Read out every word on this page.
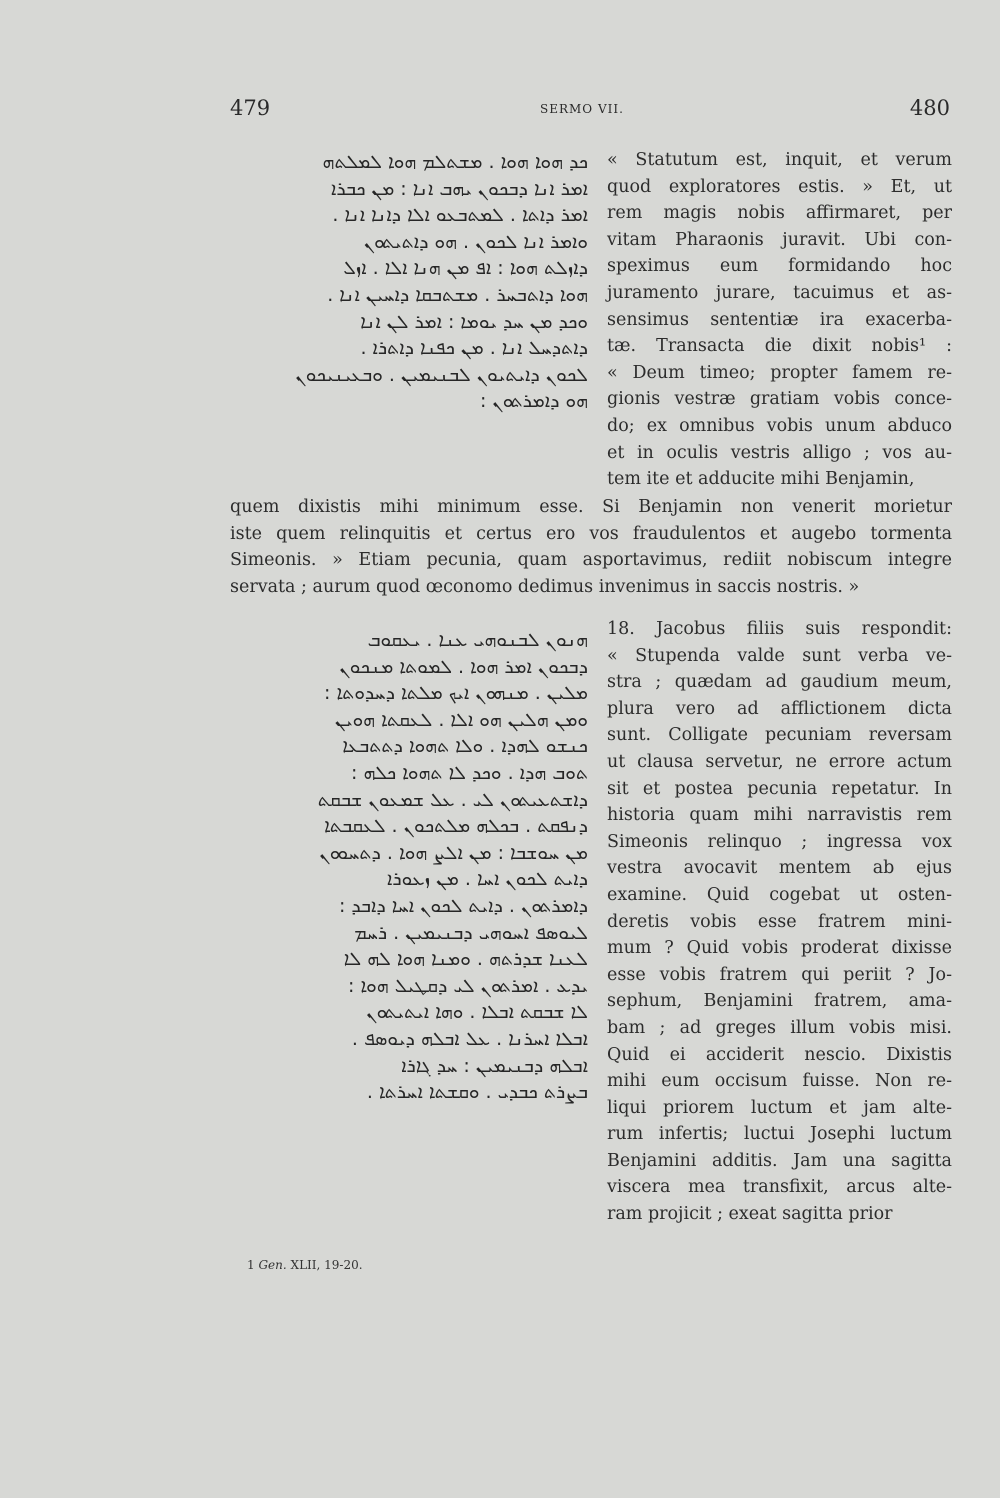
479	SERMO VII.	480
ܟܕ ܗܘܐ ܗܘܐ . ܡܫܬܠܡ ܗܘܐ ܠܡܠܬܗ
ܐܡܪ ܐܢܐ ܕܒܟܘܢ ܝܗܒ ܐܢܐ : ܡܢ ܟܒܪܐ
ܐܡܪ ܕܐܬܐ . ܠܡܬܒܥܘ ܐܠܐ ܕܐܢܐ ܐܢܐ .
ܘܐܡܪ ܐܢܐ ܠܟܘܢ . ܗܘ ܕܐܬܝܬܘܢ
ܕܐܙܠܬ ܗܘܐ : ܐܦ ܡܢ ܗܢܐ ܐܠܐ . ܐܙܠ
ܗܘܐ ܕܐܬܒܚܪ . ܡܫܬܒܩܐ ܕܐܚܝܢ ܐܢܐ .
ܘܟܕ ܡܢ ܚܕ ܝܘܡܐ : ܐܡܪ ܠܢ ܐܢܐ
ܕܐܬܕܚܠ ܐܢܐ . ܡܢ ܟܦܢܐ ܕܐܬܪܐ .
ܠܟܘܢ ܕܐܝܬܝܘܢ ܠܒܢܝܡܝܢ . ܘܒܥܝܢܝܟܘܢ
ܗܘ ܕܐܡܪܬܘܢ :
« Statutum est, inquit, et verum
quod exploratores estis. » Et, ut
rem magis nobis affirmaret, per
vitam Pharaonis juravit. Ubi con-
speximus eum formidando hoc
juramento jurare, tacuimus et as-
sensimus sententiæ ira exacerba-
tæ. Transacta die dixit nobis¹ :
« Deum timeo; propter famem re-
gionis vestræ gratiam vobis conce-
do; ex omnibus vobis unum abduco
et in oculis vestris alligo ; vos au-
tem ite et adducite mihi Benjamin,
quem dixistis mihi minimum esse. Si Benjamin non venerit morietur
iste quem relinquitis et certus ero vos fraudulentos et augebo tormenta
Simeonis. » Etiam pecunia, quam asportavimus, rediit nobiscum integre
servata ; aurum quod œconomo dedimus invenimus in saccis nostris. »
ܗܢܘܢ ܠܒܢܘܗܝ ܥܢܐ . ܝܥܩܘܒ
ܕܒܟܘܢ ܐܡܪ ܗܘܐ . ܠܡܘܬܐ ܡܢܟܘܢ
ܡܠܝܢ . ܡܢܗܘܢ ܐܝܟ ܡܠܬܐ ܕܚܕܘܬܐ :
ܘܡܢ ܗܠܝܢ ܗܘ ܐܠܐ . ܠܥܩܬܐ ܗܘܝܢ
ܟܢܫܘ ܠܗܕܐ . ܘܠܐ ܬܗܘܐ ܕܬܬܒܥܐ
ܬܘܒ ܗܕܐ . ܘܟܕ ܠܐ ܬܗܘܐ ܟܠܗ :
ܕܐܫܬܥܝܬܘܢ ܠܝ . ܥܠ ܫܡܥܘܢ ܫܒܩܬ
ܕܢܦܩܬ . ܒܟܠܗ ܡܠܬܟܘܢ . ܠܥܩܒܬܐ
ܡܢ ܚܘܫܒܐ : ܡܢ ܐܠܨ ܗܘܐ . ܕܬܚܘܘܢ
ܕܐܝܬ ܠܟܘܢ ܐܚܐ . ܡܢ ܙܥܘܪܐ
ܕܐܡܪܬܘܢ . ܕܐܝܬ ܠܟܘܢ ܐܚܐ ܕܐܒܕ :
ܠܝܘܣܦ ܐܚܘܗܝ ܕܒܢܝܡܝܢ . ܪܚܡ
ܠܥܢܐ ܫܕܪܬܗ . ܘܡܢܐ ܗܘܐ ܠܗ ܠܐ
ܝܕܥ . ܐܡܪܬܘܢ ܠܝ ܕܩܛܝܠ ܗܘܐ :
ܠܐ ܫܒܩܬ ܐܒܠܐ . ܘܗܐ ܐܝܬܝܬܘܢ
ܐܒܠܐ ܐܚܪܢܐ . ܥܠ ܐܒܠܗ ܕܝܘܣܦ .
ܐܒܠܗ ܕܒܢܝܡܝܢ : ܚܕ ܓܐܪܐ
ܒܨܪܬ ܟܒܕܝ . ܘܩܫܬܐ ܐܚܪܬܐ .
18. Jacobus filiis suis respondit:
« Stupenda valde sunt verba ve-
stra ; quædam ad gaudium meum,
plura vero ad afflictionem dicta
sunt. Colligate pecuniam reversam
ut clausa servetur, ne errore actum
sit et postea pecunia repetatur. In
historia quam mihi narravistis rem
Simeonis relinquo ; ingressa vox
vestra avocavit mentem ab ejus
examine. Quid cogebat ut osten-
deretis vobis esse fratrem mini-
mum ? Quid vobis proderat dixisse
esse vobis fratrem qui periit ? Jo-
sephum, Benjamini fratrem, ama-
bam ; ad greges illum vobis misi.
Quid ei acciderit nescio. Dixistis
mihi eum occisum fuisse. Non re-
liqui priorem luctum et jam alte-
rum infertis; luctui Josephi luctum
Benjamini additis. Jam una sagitta
viscera mea transfixit, arcus alte-
ram projicit ; exeat sagitta prior
1 Gen. XLII, 19-20.
